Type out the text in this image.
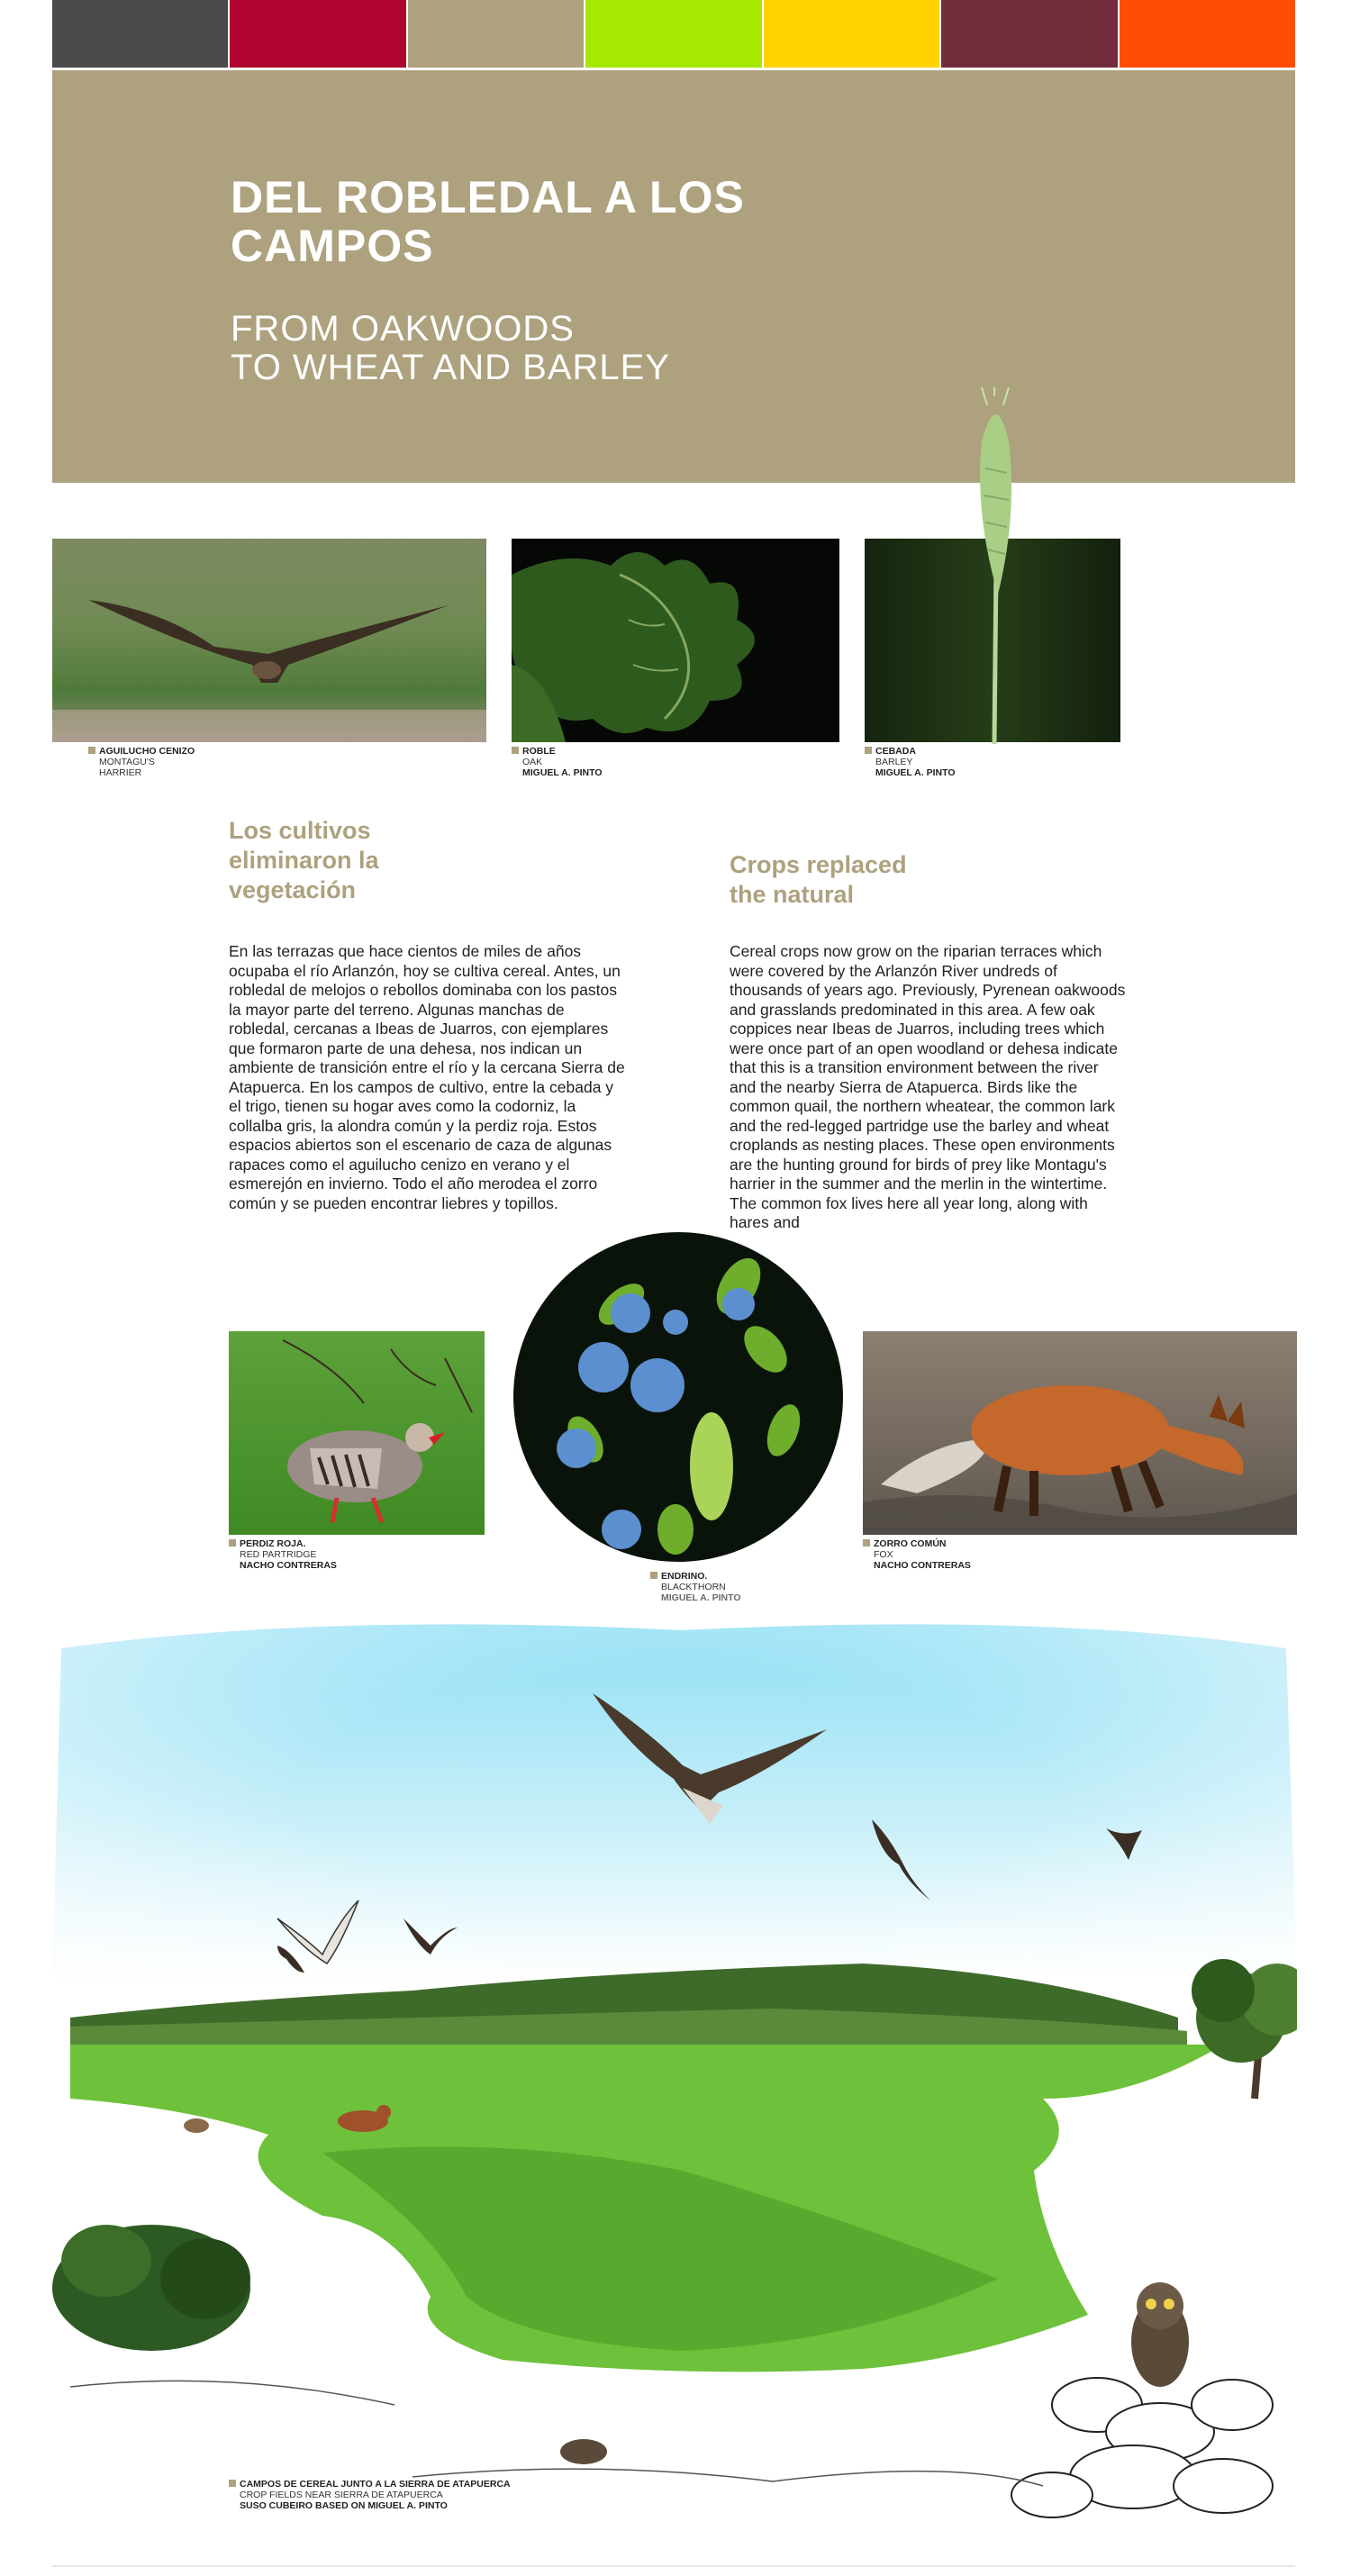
DEL ROBLEDAL A LOS
CAMPOS
FROM OAKWOODS
TO WHEAT AND BARLEY
AGUILUCHO CENIZO
MONTAGU'S
HARRIER
ROBLE
OAK
MIGUEL A. PINTO
CEBADA
BARLEY
MIGUEL A. PINTO
Los cultivos
eliminaron la
vegetación
En las terrazas que hace cientos de miles de años ocupaba el río Arlanzón, hoy se cultiva cereal. Antes, un robledal de melojos o rebollos dominaba con los pastos la mayor parte del terreno. Algunas manchas de robledal, cercanas a Ibeas de Juarros, con ejemplares que formaron parte de una dehesa, nos indican un ambiente de transición entre el río y la cercana Sierra de Atapuerca. En los campos de cultivo, entre la cebada y el trigo, tienen su hogar aves como la codorniz, la collalba gris, la alondra común y la perdiz roja. Estos espacios abiertos son el escenario de caza de algunas rapaces como el aguilucho cenizo en verano y el esmerejón en invierno. Todo el año merodea el zorro común y se pueden encontrar liebres y topillos.
Crops replaced
the natural
Cereal crops now grow on the riparian terraces which were covered by the Arlanzón River undreds of thousands of years ago. Previously, Pyrenean oakwoods and grasslands predominated in this area. A few oak coppices near Ibeas de Juarros, including trees which were once part of an open woodland or dehesa indicate that this is a transition environment between the river and the nearby Sierra de Atapuerca. Birds like the common quail, the northern wheatear, the common lark and the red-legged partridge use the barley and wheat croplands as nesting places. These open environments are the hunting ground for birds of prey like Montagu's harrier in the summer and the merlin in the wintertime. The common fox lives here all year long, along with hares and
PERDIZ ROJA.
RED PARTRIDGE
NACHO CONTRERAS
ENDRINO.
BLACKTHORN
ZORRO COMÚN
FOX
NACHO CONTRERAS
CAMPOS DE CEREAL JUNTO A LA SIERRA DE ATAPUERCA
CROP FIELDS NEAR SIERRA DE ATAPUERCA
SUSO CUBEIRO BASED ON MIGUEL A. PINTO
